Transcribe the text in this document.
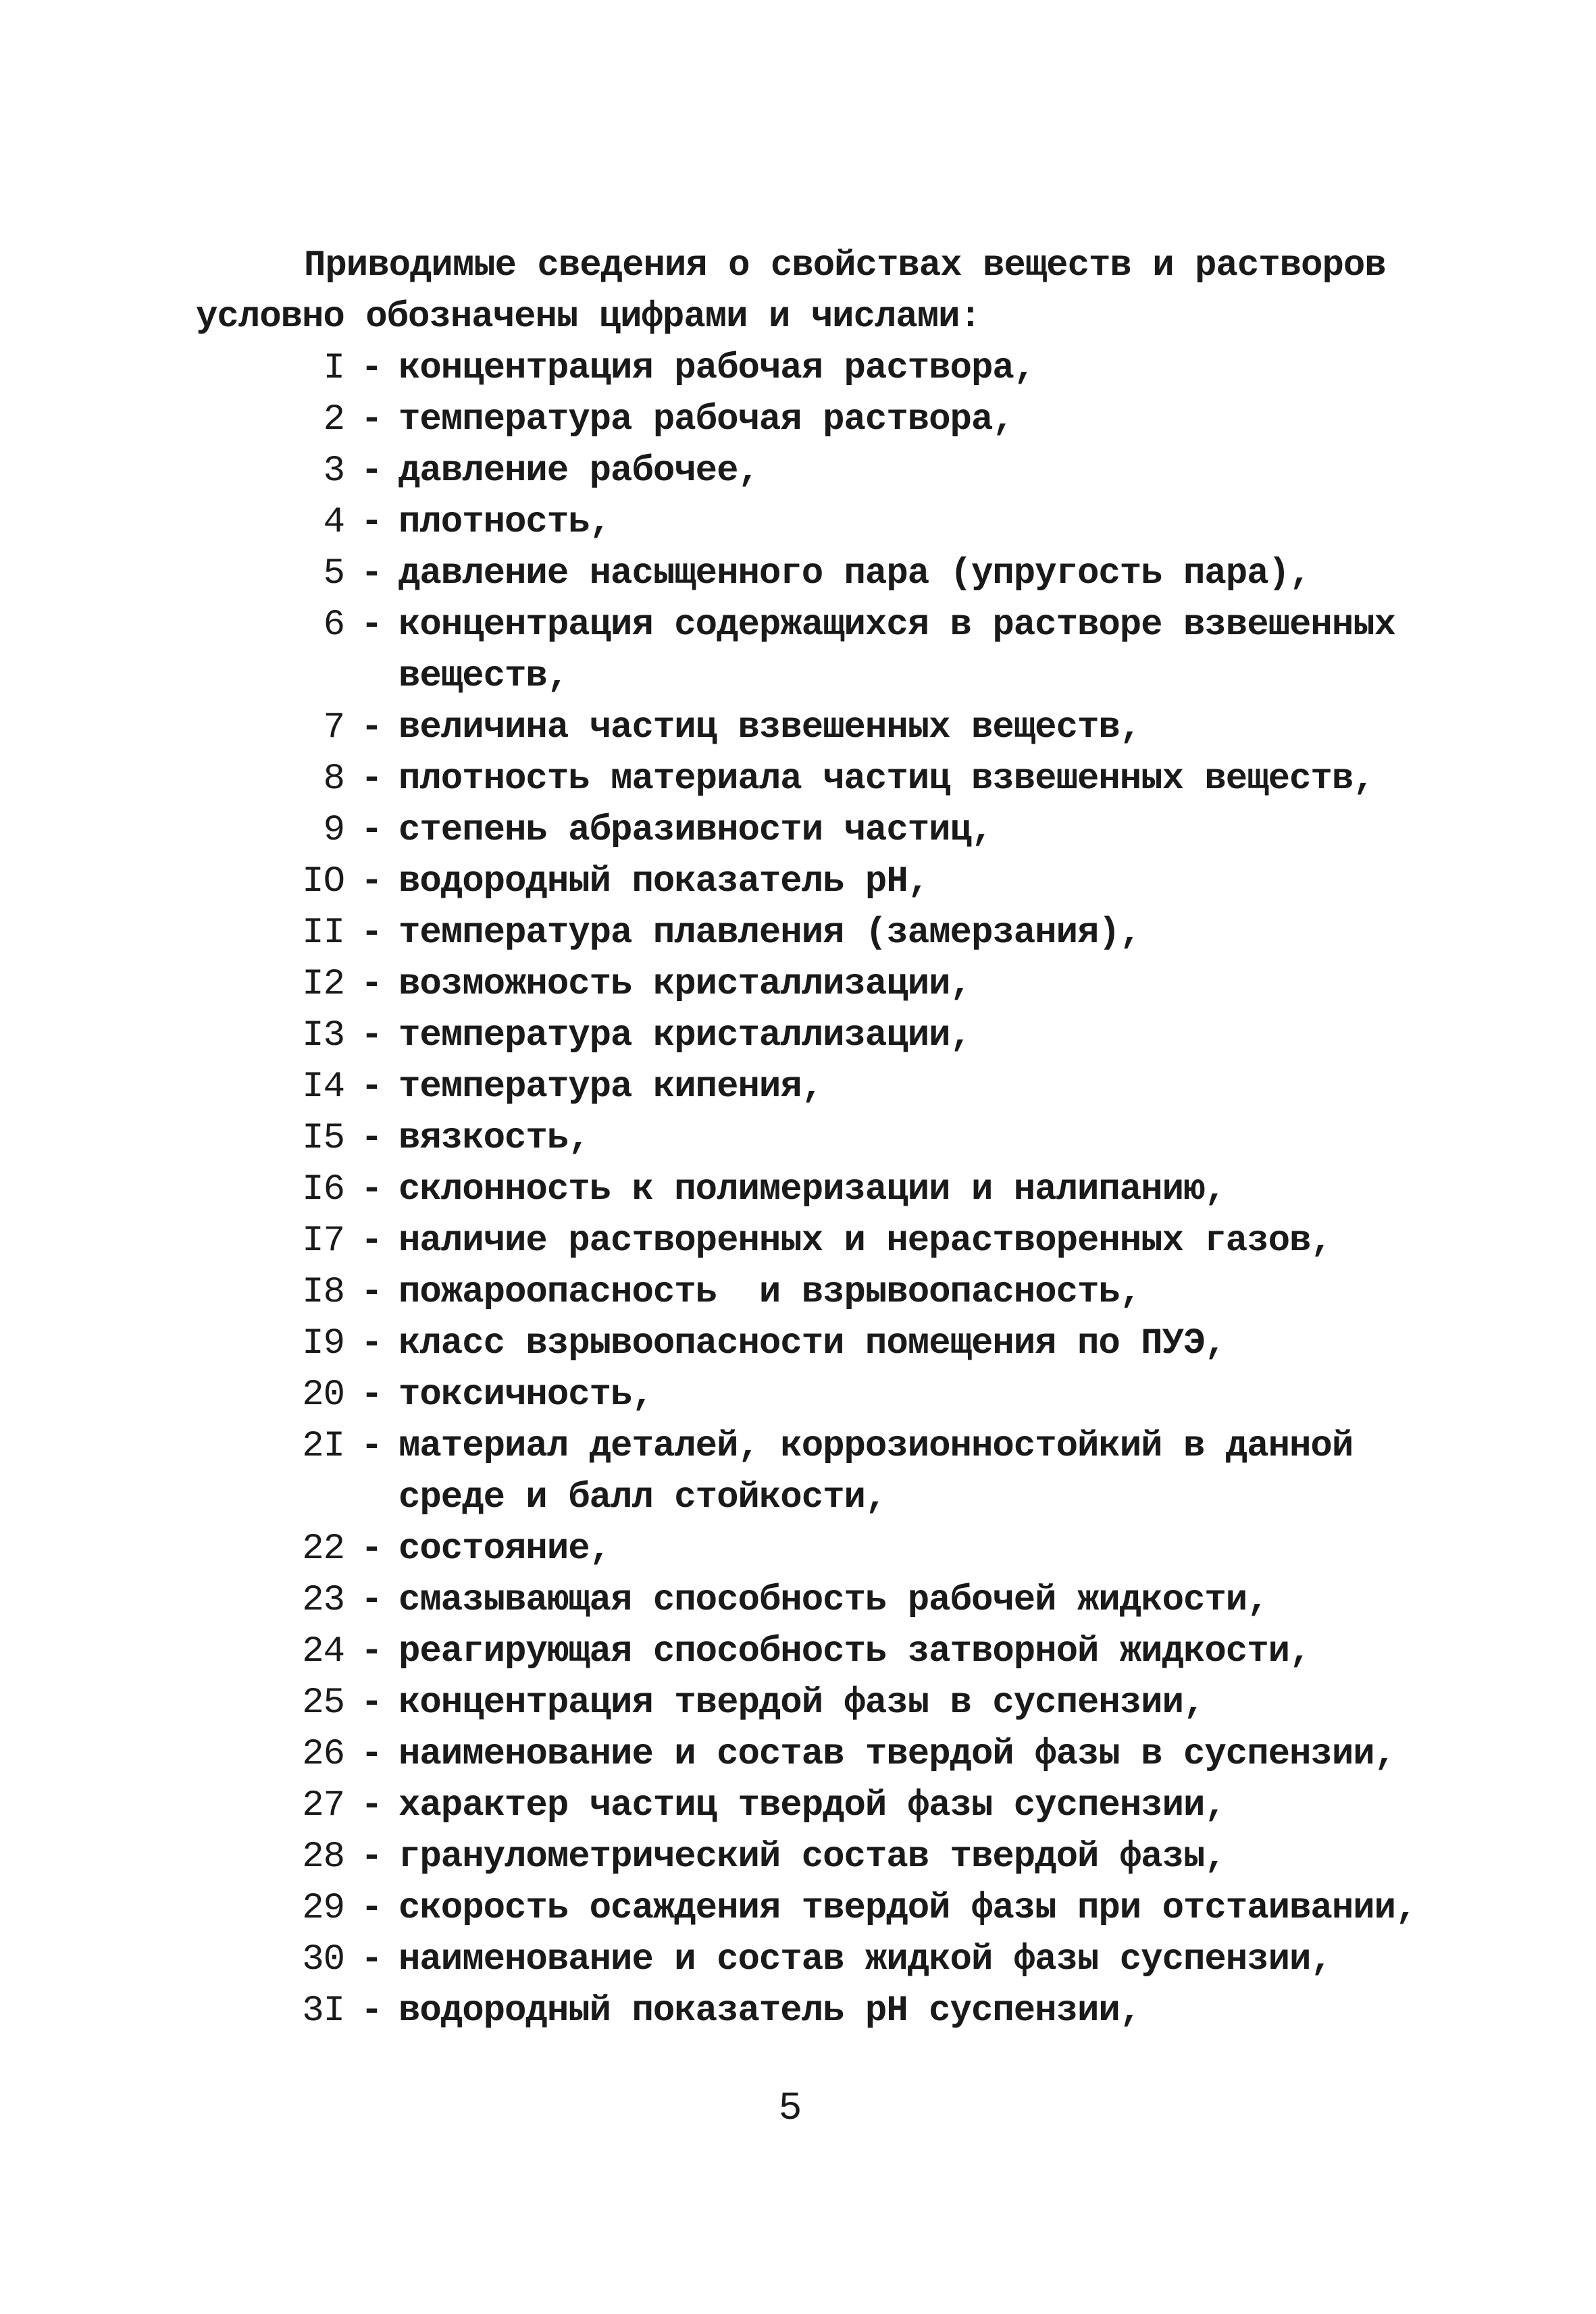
Приводимые сведения о свойствах веществ и растворов
условно обозначены цифрами и числами:
I - концентрация рабочая раствора,
2 - температура рабочая раствора,
3 - давление рабочее,
4 - плотность,
5 - давление насыщенного пара (упругость пара),
6 - концентрация содержащихся в растворе взвешенных
веществ,
7 - величина частиц взвешенных веществ,
8 - плотность материала частиц взвешенных веществ,
9 - степень абразивности частиц,
IO - водородный показатель pH,
II - температура плавления (замерзания),
I2 - возможность кристаллизации,
I3 - температура кристаллизации,
I4 - температура кипения,
I5 - вязкость,
I6 - склонность к полимеризации и налипанию,
I7 - наличие растворенных и нерастворенных газов,
I8 - пожароопасность  и взрывоопасность,
I9 - класс взрывоопасности помещения по ПУЭ,
20 - токсичность,
2I - материал деталей, коррозионностойкий в данной
среде и балл стойкости,
22 - состояние,
23 - смазывающая способность рабочей жидкости,
24 - реагирующая способность затворной жидкости,
25 - концентрация твердой фазы в суспензии,
26 - наименование и состав твердой фазы в суспензии,
27 - характер частиц твердой фазы суспензии,
28 - гранулометрический состав твердой фазы,
29 - скорость осаждения твердой фазы при отстаивании,
30 - наименование и состав жидкой фазы суспензии,
3I - водородный показатель pH суспензии,
5
